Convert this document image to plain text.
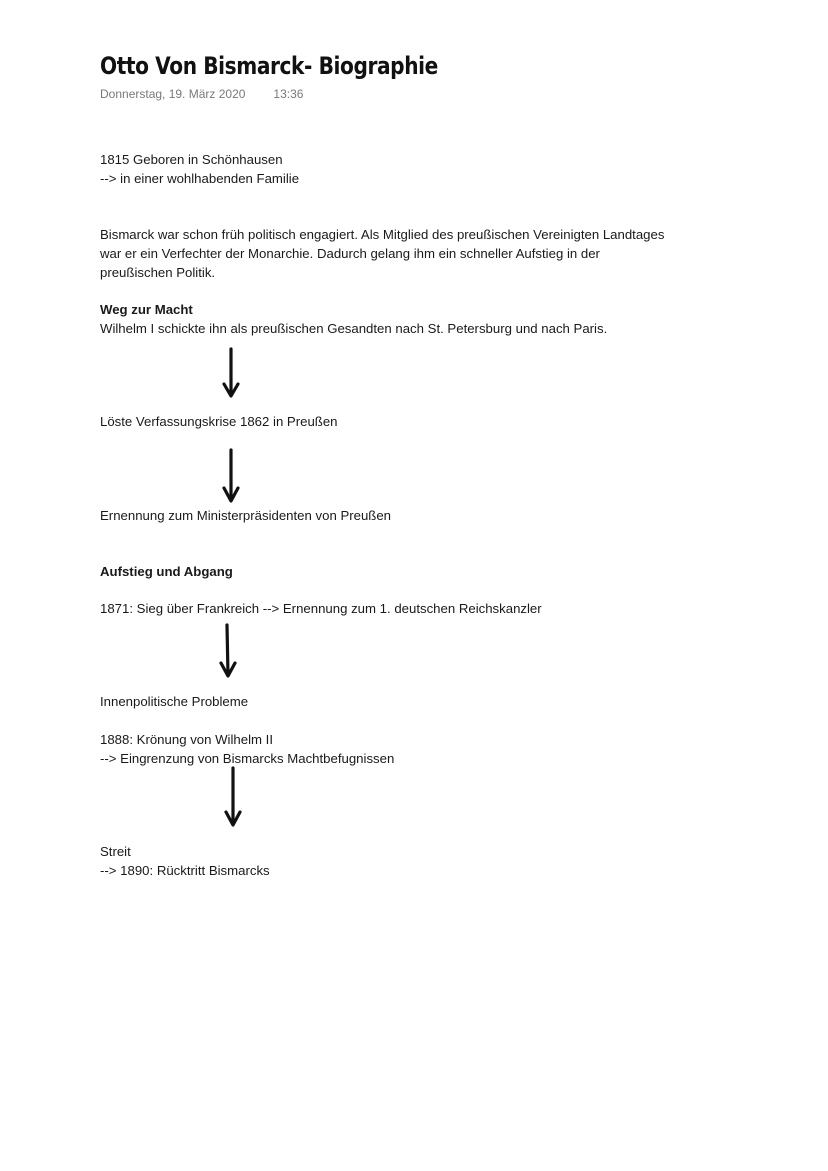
Otto Von Bismarck- Biographie
Donnerstag, 19. März 2020 13:36
1815 Geboren in Schönhausen
--> in einer wohlhabenden Familie
Bismarck war schon früh politisch engagiert. Als Mitglied des preußischen Vereinigten Landtages
war er ein Verfechter der Monarchie. Dadurch gelang ihm ein schneller Aufstieg in der
preußischen Politik.
Weg zur Macht
Wilhelm I schickte ihn als preußischen Gesandten nach St. Petersburg und nach Paris.
Löste Verfassungskrise 1862 in Preußen
Ernennung zum Ministerpräsidenten von Preußen
Aufstieg und Abgang
1871: Sieg über Frankreich --> Ernennung zum 1. deutschen Reichskanzler
Innenpolitische Probleme
1888: Krönung von Wilhelm II
--> Eingrenzung von Bismarcks Machtbefugnissen
Streit
--> 1890: Rücktritt Bismarcks
